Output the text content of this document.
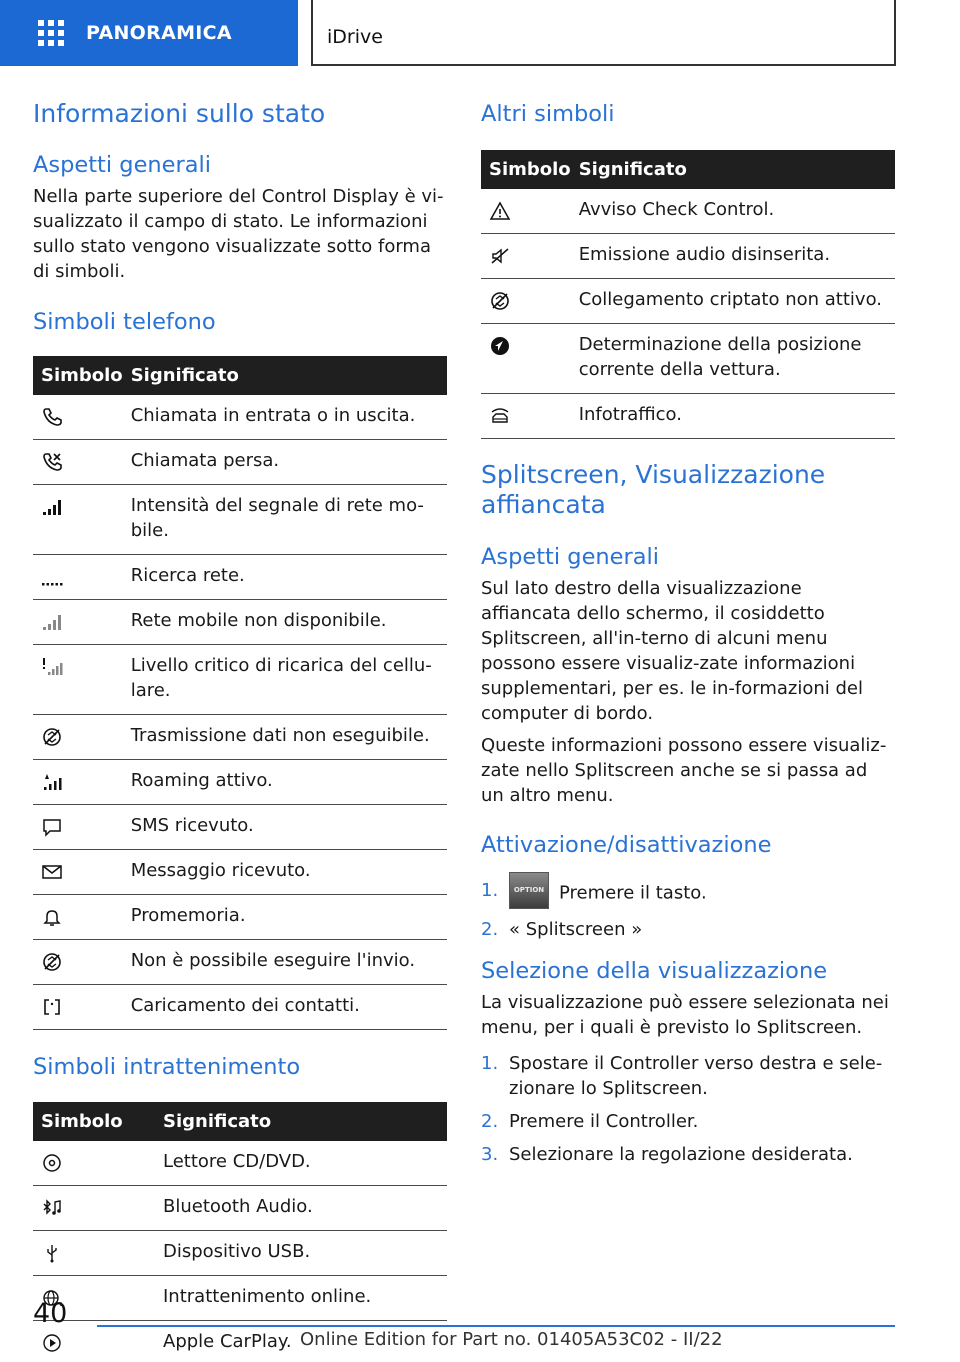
PANORAMICA	iDrive
Informazioni sullo stato
Aspetti generali
Nella parte superiore del Control Display è vi-sualizzato il campo di stato. Le informazioni sullo stato vengono visualizzate sotto forma di simboli.
Simboli telefono
Simbolo	Significato

	Chiamata in entrata o in uscita.

	Chiamata persa.

	Intensità del segnale di rete mo-bile.

	Ricerca rete.

	Rete mobile non disponibile.

	Livello critico di ricarica del cellu-lare.

	Trasmissione dati non eseguibile.

	Roaming attivo.

	SMS ricevuto.

	Messaggio ricevuto.

	Promemoria.

	Non è possibile eseguire l'invio.

	Caricamento dei contatti.
Simboli intrattenimento
Simbolo	Significato

	Lettore CD/DVD.

	Bluetooth Audio.

	Dispositivo USB.

	Intrattenimento online.

	Apple CarPlay.
Altri simboli
Simbolo	Significato

	Avviso Check Control.

	Emissione audio disinserita.

	Collegamento criptato non attivo.

	Determinazione della posizione corrente della vettura.

	Infotraffico.
Splitscreen, Visualizzazione affiancata
Aspetti generali
Sul lato destro della visualizzazione affiancata dello schermo, il cosiddetto Splitscreen, all'in-terno di alcuni menu possono essere visualiz-zate informazioni supplementari, per es. le in-formazioni del computer di bordo.
Queste informazioni possono essere visualiz-zate nello Splitscreen anche se si passa ad un altro menu.
Attivazione/disattivazione
1.	OPTION Premere il tasto.
2. « Splitscreen »
Selezione della visualizzazione
La visualizzazione può essere selezionata nei menu, per i quali è previsto lo Splitscreen.
1. Spostare il Controller verso destra e sele-zionare lo Splitscreen.
2. Premere il Controller.
3. Selezionare la regolazione desiderata.
40
Online Edition for Part no. 01405A53C02 - II/22
